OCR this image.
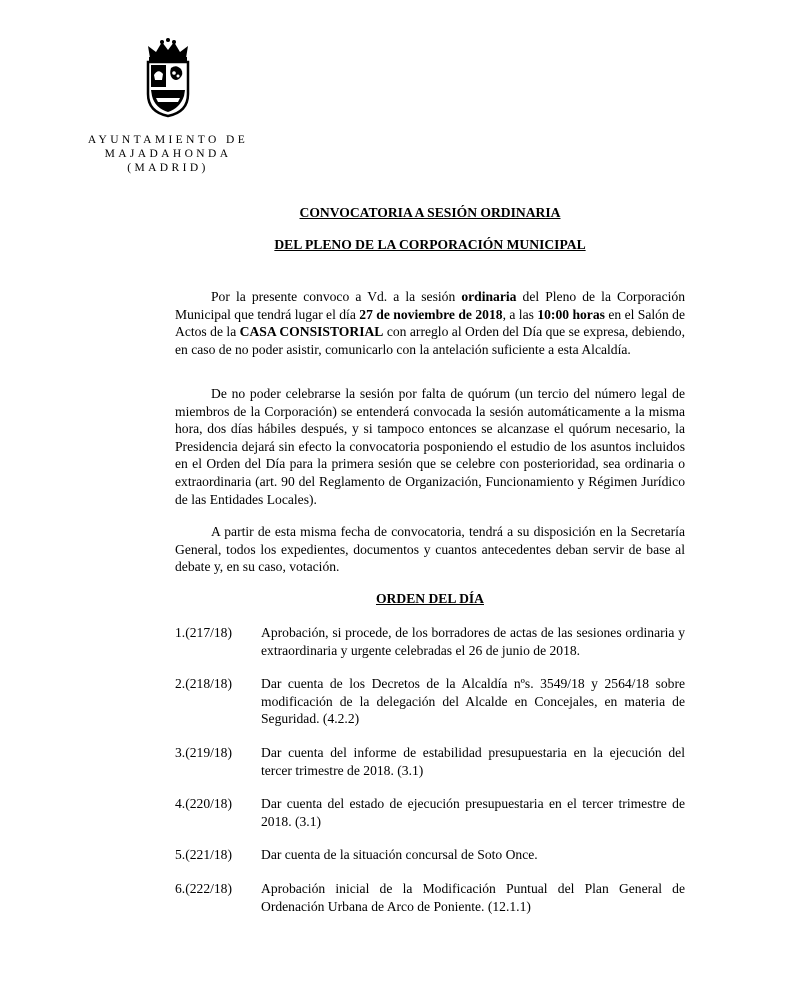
AYUNTAMIENTO DE
MAJADAHONDA
(MADRID)
CONVOCATORIA A SESIÓN ORDINARIA
DEL PLENO DE LA CORPORACIÓN MUNICIPAL
Por la presente convoco a Vd. a la sesión ordinaria del Pleno de la Corporación Municipal que tendrá lugar el día 27 de noviembre de 2018, a las 10:00 horas en el Salón de Actos de la CASA CONSISTORIAL con arreglo al Orden del Día que se expresa, debiendo, en caso de no poder asistir, comunicarlo con la antelación suficiente a esta Alcaldía.
De no poder celebrarse la sesión por falta de quórum (un tercio del número legal de miembros de la Corporación) se entenderá convocada la sesión automáticamente a la misma hora, dos días hábiles después, y si tampoco entonces se alcanzase el quórum necesario, la Presidencia dejará sin efecto la convocatoria posponiendo el estudio de los asuntos incluidos en el Orden del Día para la primera sesión que se celebre con posterioridad, sea ordinaria o extraordinaria (art. 90 del Reglamento de Organización, Funcionamiento y Régimen Jurídico de las Entidades Locales).
A partir de esta misma fecha de convocatoria, tendrá a su disposición en la Secretaría General, todos los expedientes, documentos y cuantos antecedentes deban servir de base al debate y, en su caso, votación.
ORDEN DEL DÍA
1.(217/18)	Aprobación, si procede, de los borradores de actas de las sesiones ordinaria y extraordinaria y urgente celebradas el 26 de junio de 2018.
2.(218/18)	Dar cuenta de los Decretos de la Alcaldía nºs. 3549/18 y 2564/18 sobre modificación de la delegación del Alcalde en Concejales, en materia de Seguridad. (4.2.2)
3.(219/18)	Dar cuenta del informe de estabilidad presupuestaria en la ejecución del tercer trimestre de 2018. (3.1)
4.(220/18)	Dar cuenta del estado de ejecución presupuestaria en el tercer trimestre de 2018. (3.1)
5.(221/18)	Dar cuenta de la situación concursal de Soto Once.
6.(222/18)	Aprobación inicial de la Modificación Puntual del Plan General de Ordenación Urbana de Arco de Poniente. (12.1.1)
